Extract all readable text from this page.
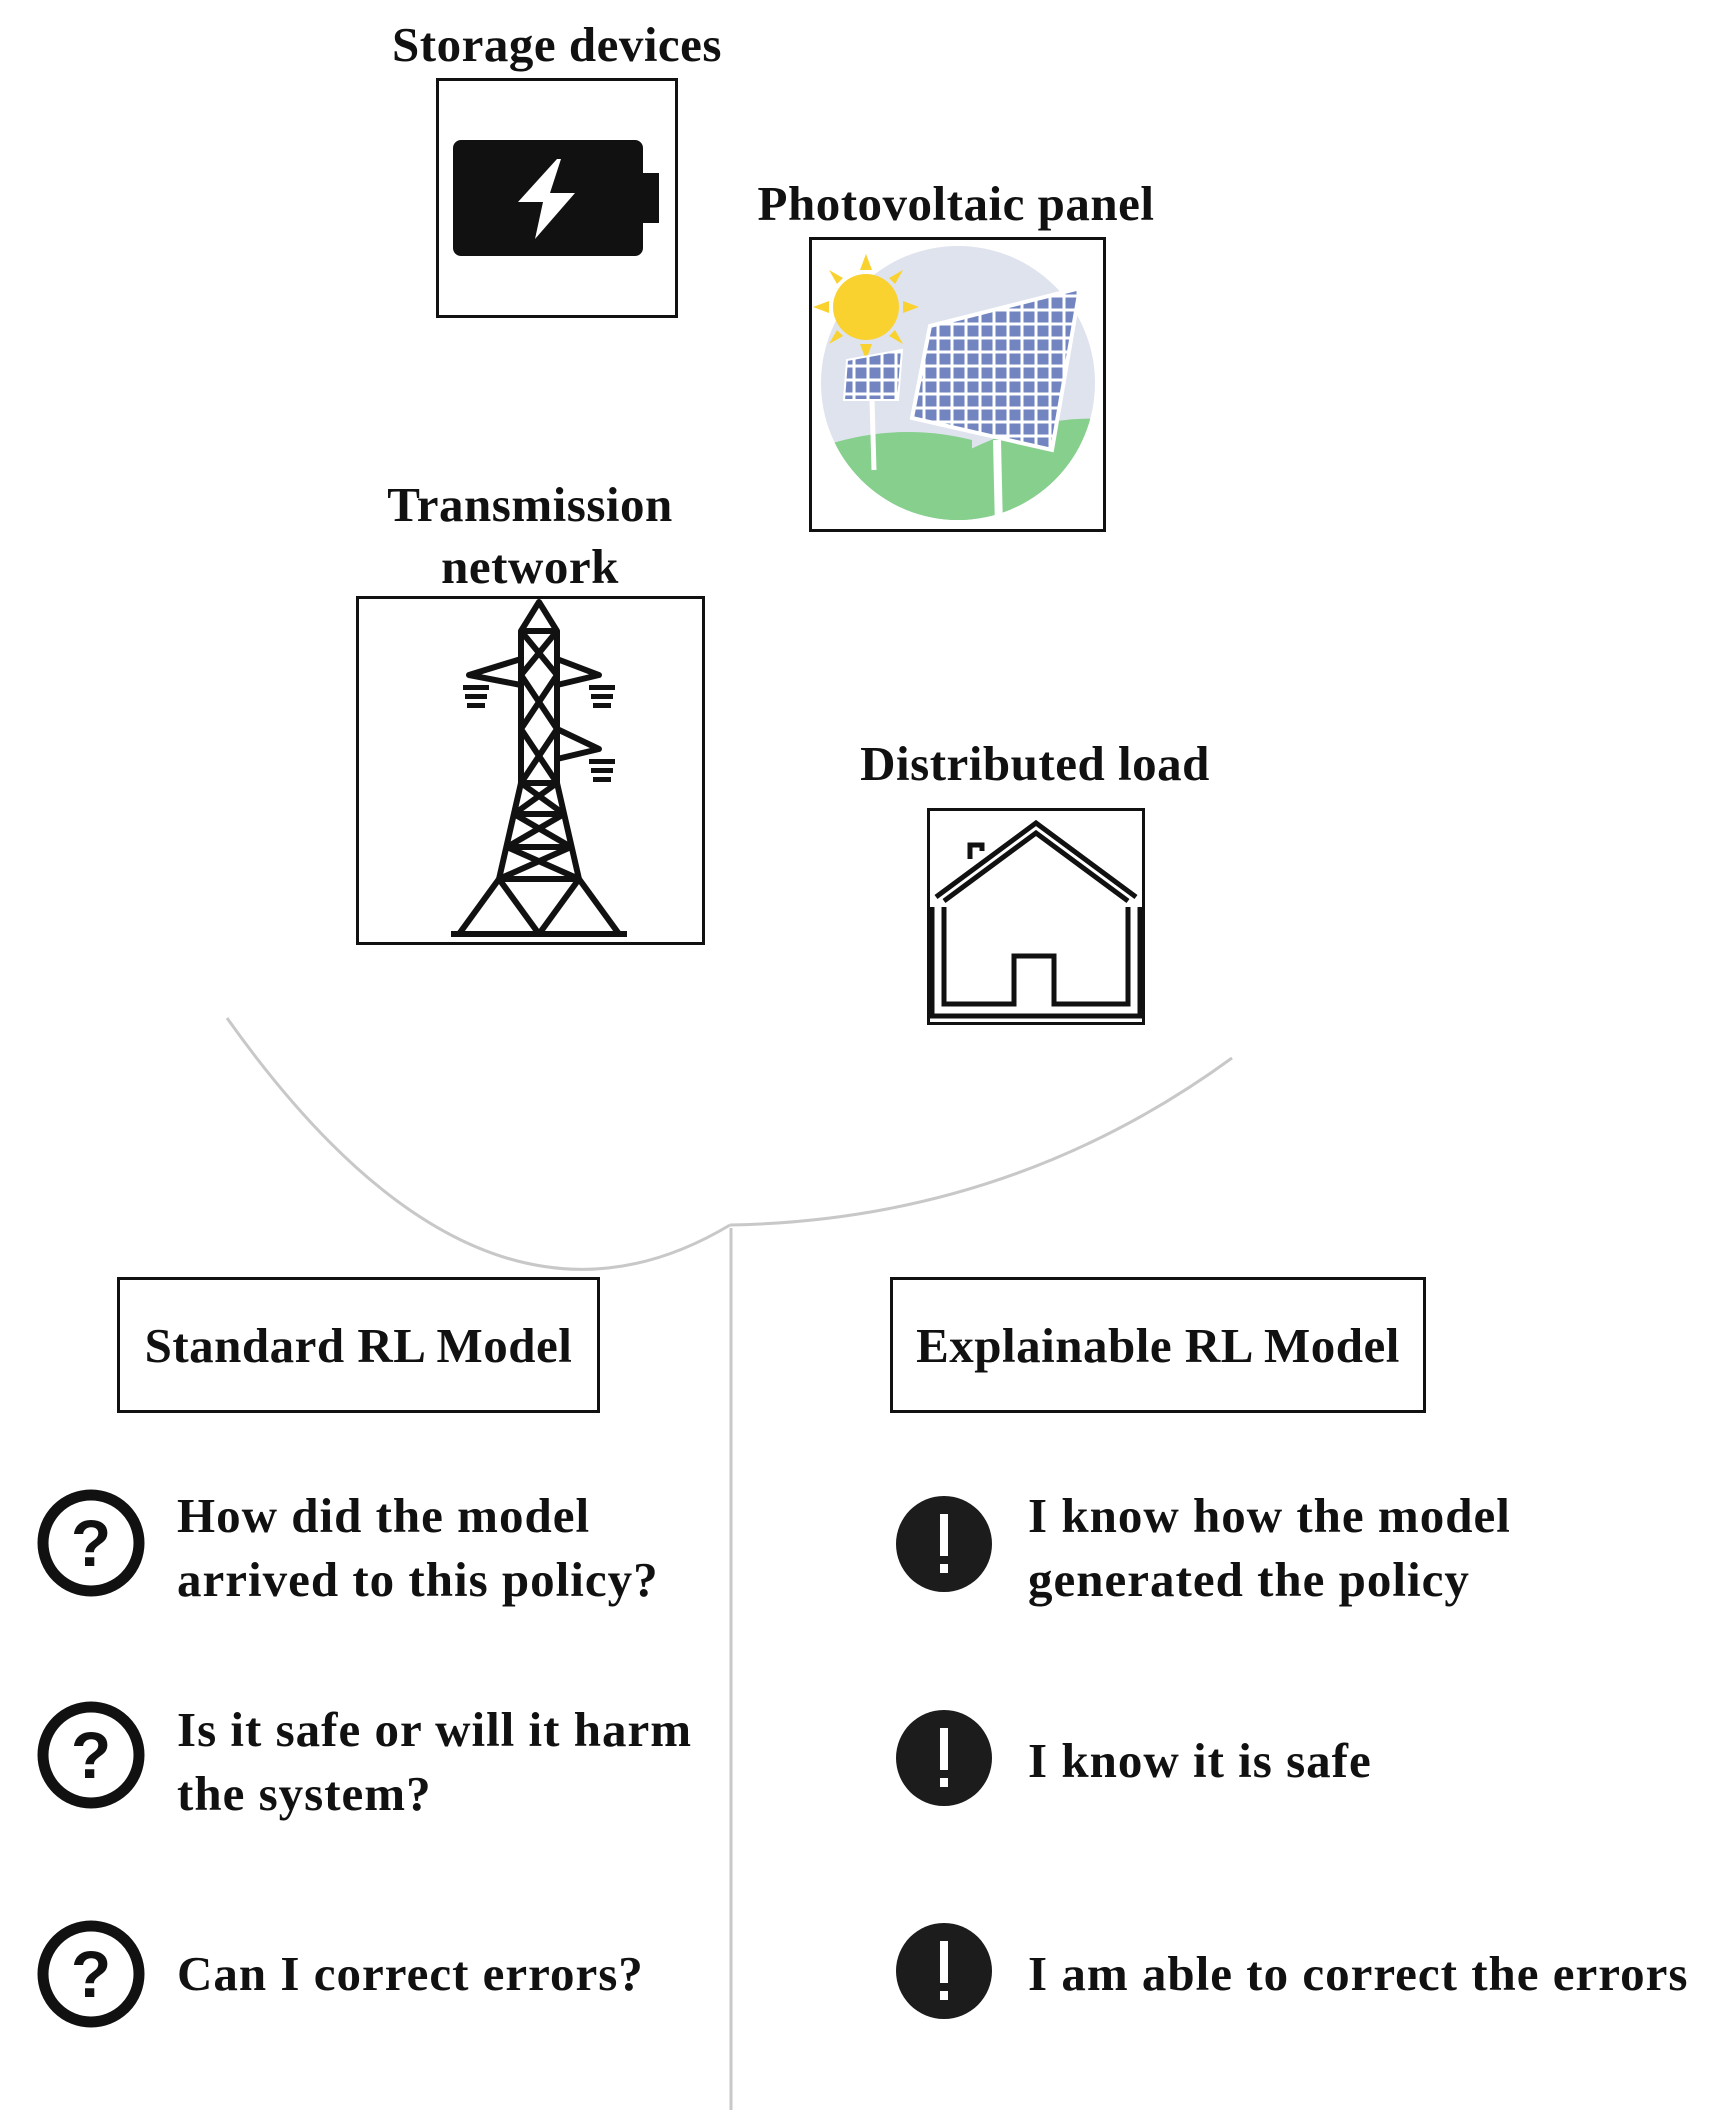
Storage devices
Photovoltaic panel
Transmission
network
Distributed load
Standard RL Model	Explainable RL Model
? How did the model
arrived to this policy?
? Is it safe or will it harm
the system?
? Can I correct errors?
I know how the model
generated the policy
I know it is safe
I am able to correct the errors
